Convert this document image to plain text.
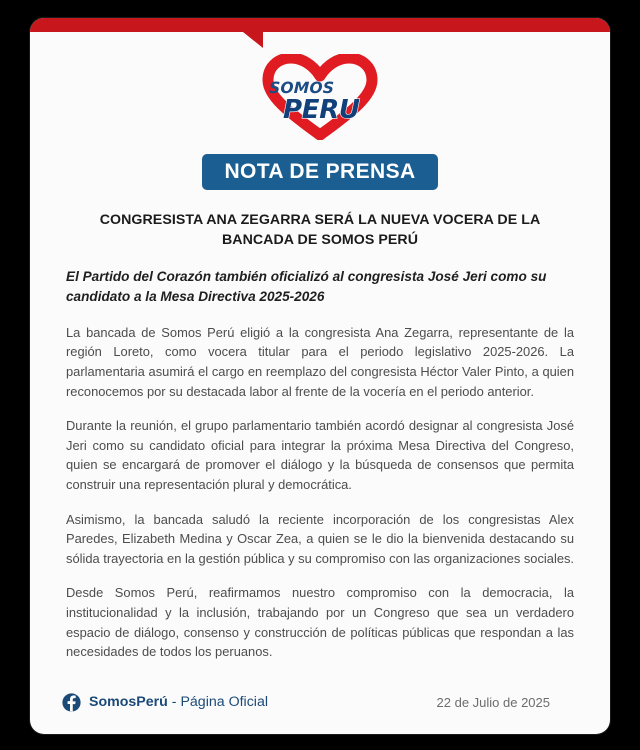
SOMOS
PERU
NOTA DE PRENSA
CONGRESISTA ANA ZEGARRA SERÁ LA NUEVA VOCERA DE LA BANCADA DE SOMOS PERÚ
El Partido del Corazón también oficializó al congresista José Jeri como su candidato a la Mesa Directiva 2025-2026

La bancada de Somos Perú eligió a la congresista Ana Zegarra, representante de la región Loreto, como vocera titular para el periodo legislativo 2025-2026. La parlamentaria asumirá el cargo en reemplazo del congresista Héctor Valer Pinto, a quien reconocemos por su destacada labor al frente de la vocería en el periodo anterior.

Durante la reunión, el grupo parlamentario también acordó designar al congresista José Jeri como su candidato oficial para integrar la próxima Mesa Directiva del Congreso, quien se encargará de promover el diálogo y la búsqueda de consensos que permita construir una representación plural y democrática.

Asimismo, la bancada saludó la reciente incorporación de los congresistas Alex Paredes, Elizabeth Medina y Oscar Zea, a quien se le dio la bienvenida destacando su sólida trayectoria en la gestión pública y su compromiso con las organizaciones sociales.

Desde Somos Perú, reafirmamos nuestro compromiso con la democracia, la institucionalidad y la inclusión, trabajando por un Congreso que sea un verdadero espacio de diálogo, consenso y construcción de políticas públicas que respondan a las necesidades de todos los peruanos.

SomosPerú - Página Oficial	22 de Julio de 2025
